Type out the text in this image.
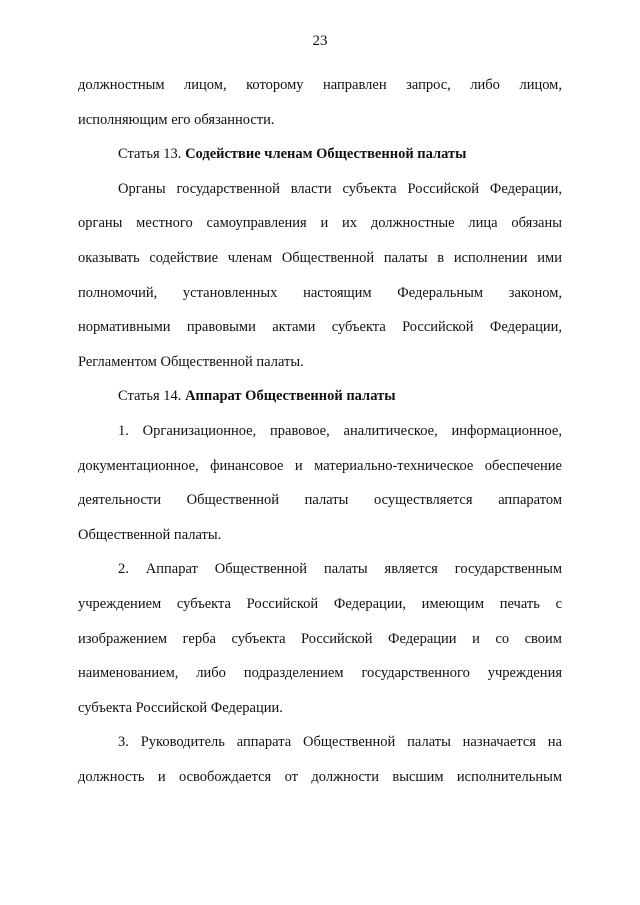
23
должностным лицом, которому направлен запрос, либо лицом,
исполняющим его обязанности.
Статья 13. Содействие членам Общественной палаты
Органы государственной власти субъекта Российской Федерации,
органы местного самоуправления и их должностные лица обязаны
оказывать содействие членам Общественной палаты в исполнении ими
полномочий, установленных настоящим Федеральным законом,
нормативными правовыми актами субъекта Российской Федерации,
Регламентом Общественной палаты.
Статья 14. Аппарат Общественной палаты
1. Организационное, правовое, аналитическое, информационное,
документационное, финансовое и материально-техническое обеспечение
деятельности Общественной палаты осуществляется аппаратом
Общественной палаты.
2. Аппарат Общественной палаты является государственным
учреждением субъекта Российской Федерации, имеющим печать с
изображением герба субъекта Российской Федерации и со своим
наименованием, либо подразделением государственного учреждения
субъекта Российской Федерации.
3. Руководитель аппарата Общественной палаты назначается на
должность и освобождается от должности высшим исполнительным
